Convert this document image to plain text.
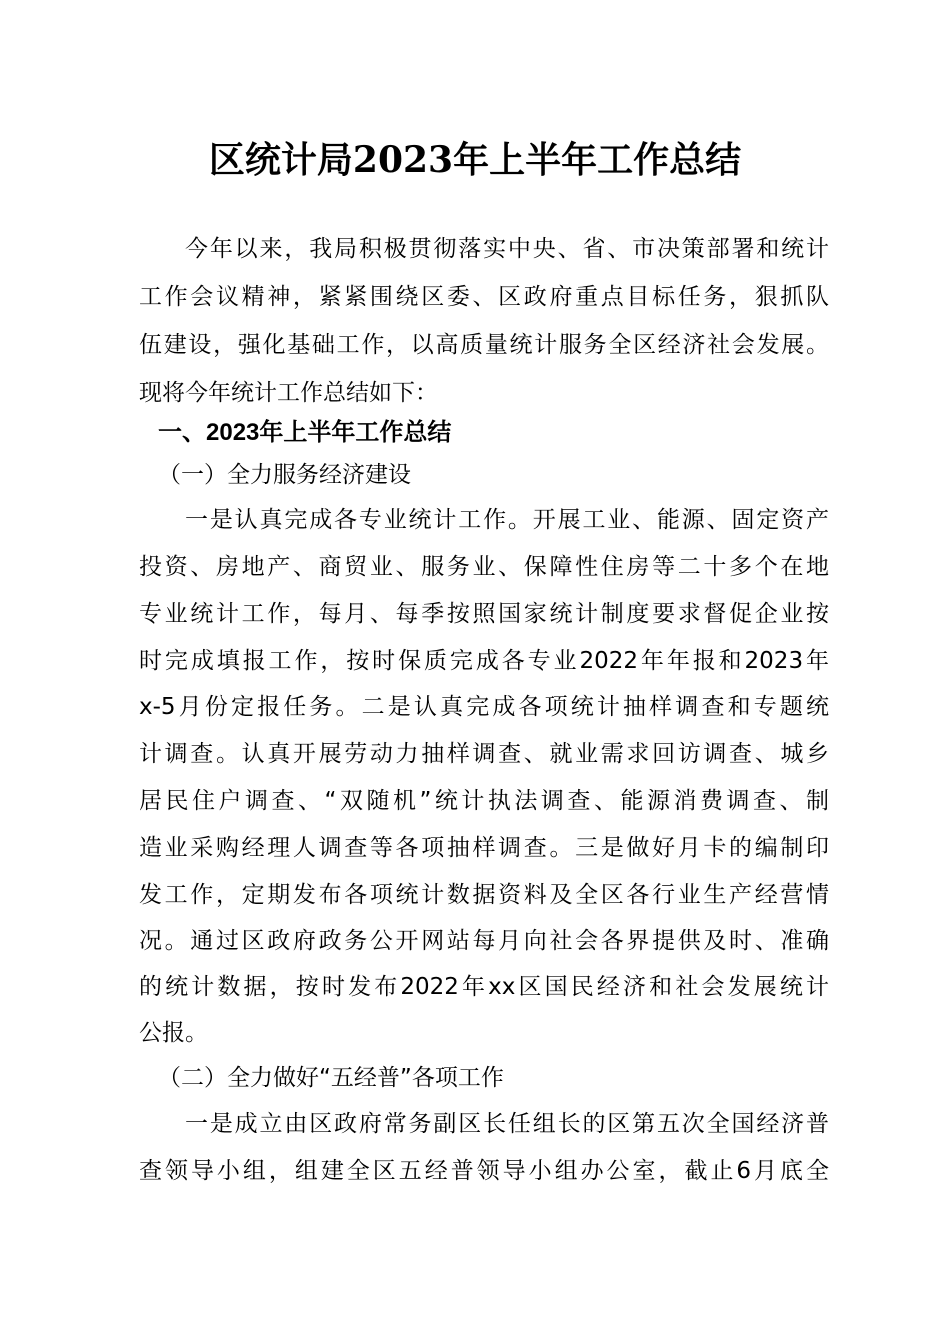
区统计局2023年上半年工作总结
今年以来，我局积极贯彻落实中央、省、市决策部署和统计
工作会议精神，紧紧围绕区委、区政府重点目标任务，狠抓队
伍建设，强化基础工作，以高质量统计服务全区经济社会发展。
现将今年统计工作总结如下：
一、2023年上半年工作总结
（一）全力服务经济建设
一是认真完成各专业统计工作。开展工业、能源、固定资产
投资、房地产、商贸业、服务业、保障性住房等二十多个在地
专业统计工作，每月、每季按照国家统计制度要求督促企业按
时完成填报工作，按时保质完成各专业2022年年报和2023年
x-5月份定报任务。二是认真完成各项统计抽样调查和专题统
计调查。认真开展劳动力抽样调查、就业需求回访调查、城乡
居民住户调查、“双随机”统计执法调查、能源消费调查、制
造业采购经理人调查等各项抽样调查。三是做好月卡的编制印
发工作，定期发布各项统计数据资料及全区各行业生产经营情
况。通过区政府政务公开网站每月向社会各界提供及时、准确
的统计数据，按时发布2022年xx区国民经济和社会发展统计
公报。
（二）全力做好“五经普”各项工作
一是成立由区政府常务副区长任组长的区第五次全国经济普
查领导小组，组建全区五经普领导小组办公室，截止6月底全
